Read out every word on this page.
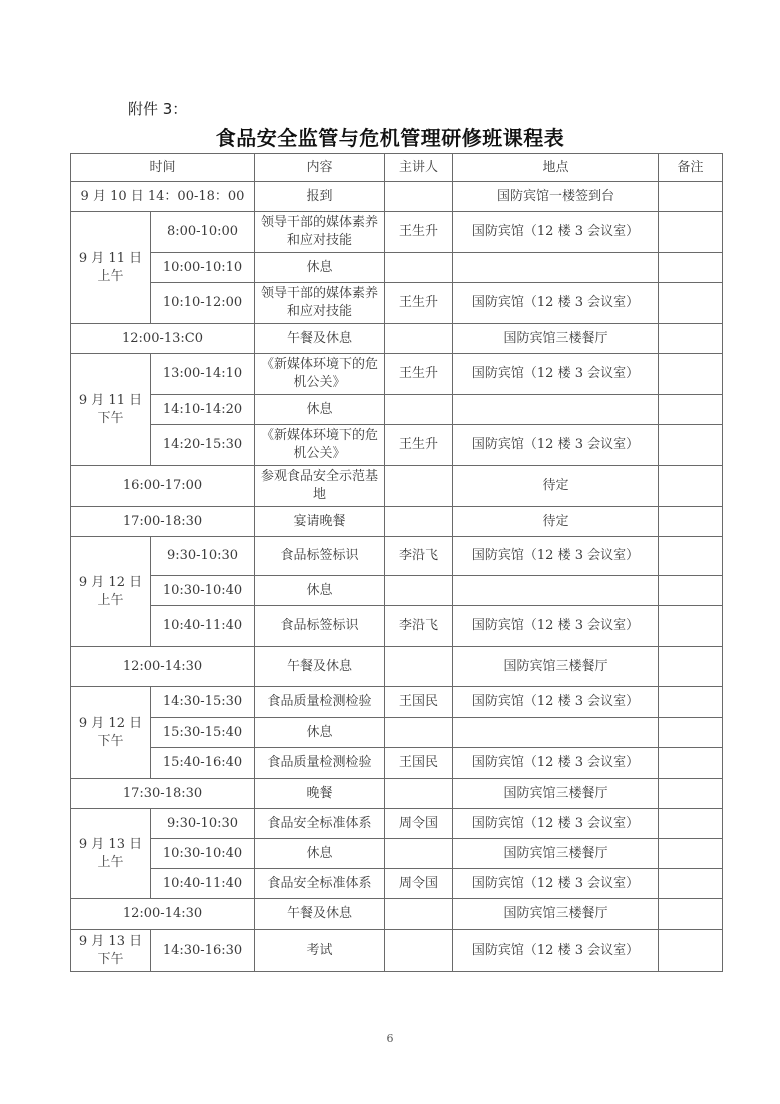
附件 3：
食品安全监管与危机管理研修班课程表
时间		内容	主讲人	地点	备注
9 月 10 日 14：00-18：00		报到		国防宾馆一楼签到台	
9 月 11 日上午	8:00-10:00	领导干部的媒体素养和应对技能	王生升	国防宾馆（12 楼 3 会议室）	
	10:00-10:10	休息			
	10:10-12:00	领导干部的媒体素养和应对技能	王生升	国防宾馆（12 楼 3 会议室）	
12:00-13:C0		午餐及休息		国防宾馆三楼餐厅	
9 月 11 日下午	13:00-14:10	《新媒体环境下的危机公关》	王生升	国防宾馆（12 楼 3 会议室）	
	14:10-14:20	休息			
	14:20-15:30	《新媒体环境下的危机公关》	王生升	国防宾馆（12 楼 3 会议室）	
16:00-17:00		参观食品安全示范基地		待定	
17:00-18:30		宴请晚餐		待定	
9 月 12 日上午	9:30-10:30	食品标签标识	李沿飞	国防宾馆（12 楼 3 会议室）	
	10:30-10:40	休息			
	10:40-11:40	食品标签标识	李沿飞	国防宾馆（12 楼 3 会议室）	
12:00-14:30		午餐及休息		国防宾馆三楼餐厅	
9 月 12 日下午	14:30-15:30	食品质量检测检验	王国民	国防宾馆（12 楼 3 会议室）	
	15:30-15:40	休息			
	15:40-16:40	食品质量检测检验	王国民	国防宾馆（12 楼 3 会议室）	
17:30-18:30		晚餐		国防宾馆三楼餐厅	
9 月 13 日上午	9:30-10:30	食品安全标准体系	周令国	国防宾馆（12 楼 3 会议室）	
	10:30-10:40	休息		国防宾馆三楼餐厅	
	10:40-11:40	食品安全标准体系	周令国	国防宾馆（12 楼 3 会议室）	
12:00-14:30		午餐及休息		国防宾馆三楼餐厅	
9 月 13 日下午	14:30-16:30	考试		国防宾馆（12 楼 3 会议室）	
6
